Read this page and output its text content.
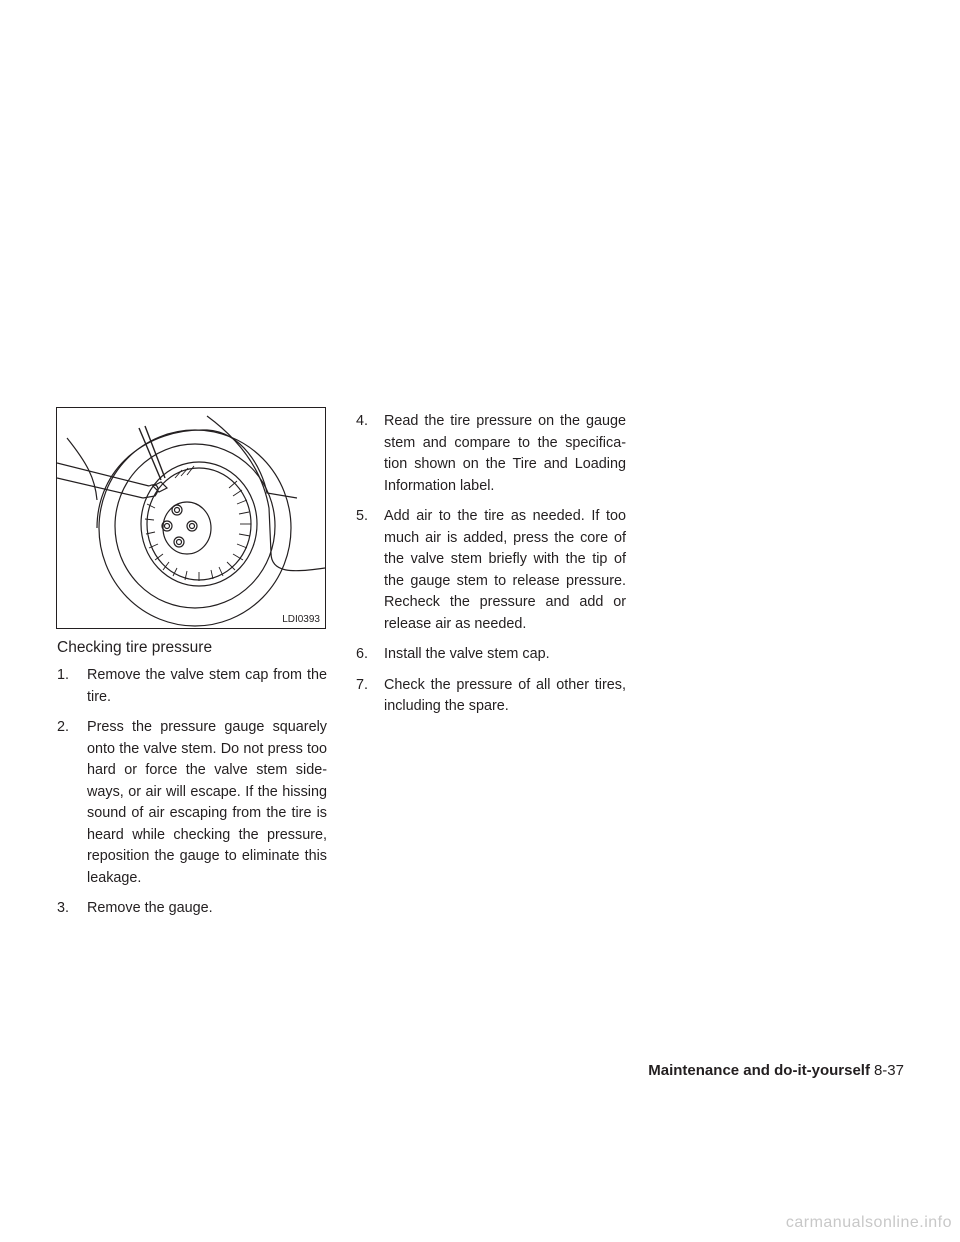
LDI0393
Checking tire pressure
1. Remove the valve stem cap from the tire.
2. Press the pressure gauge squarely onto the valve stem. Do not press too hard or force the valve stem side-ways, or air will escape. If the hissing sound of air escaping from the tire is heard while checking the pressure, reposition the gauge to eliminate this leakage.
3. Remove the gauge.
4. Read the tire pressure on the gauge stem and compare to the specifica-tion shown on the Tire and Loading Information label.
5. Add air to the tire as needed. If too much air is added, press the core of the valve stem briefly with the tip of the gauge stem to release pressure. Recheck the pressure and add or release air as needed.
6. Install the valve stem cap.
7. Check the pressure of all other tires, including the spare.
Maintenance and do-it-yourself 8-37
carmanualsonline.info
